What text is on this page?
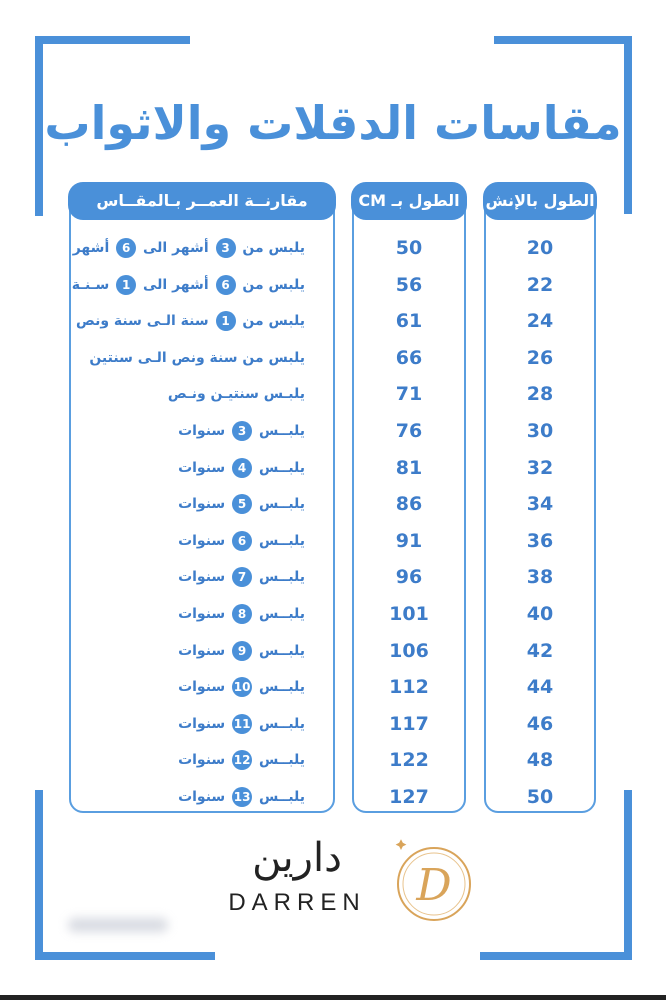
مقاسات الدقلات والاثواب
الطول بالإنش
20
22
24
26
28
30
32
34
36
38
40
42
44
46
48
50
الطول بـ CM
50
56
61
66
71
76
81
86
91
96
101
106
112
117
122
127
مقارنــة العمــر بـالمقــاس
يلبس من 3 أشهر الى 6 أشهر
يلبس من 6 أشهر الى 1 سـنـة
يلبس من 1 سنة الـى سنة ونص
يلبس من سنة ونص الـى سنتين
يلبـس سنتيـن ونـص
يلبــس 3 سنوات
يلبــس 4 سنوات
يلبــس 5 سنوات
يلبــس 6 سنوات
يلبــس 7 سنوات
يلبــس 8 سنوات
يلبــس 9 سنوات
يلبــس 10 سنوات
يلبــس 11 سنوات
يلبــس 12 سنوات
يلبــس 13 سنوات
دارين
DARREN	D
